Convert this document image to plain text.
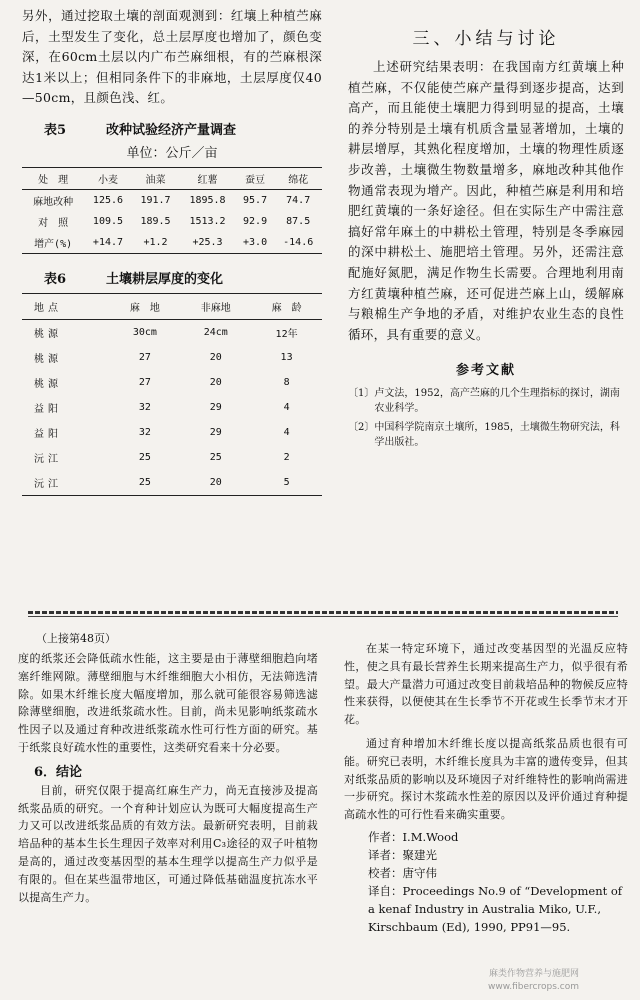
另外，通过挖取土壤的剖面观测到：红壤上种植苎麻后，土型发生了变化，总土层厚度也增加了，颜色变深，在60cm土层以内广布苎麻细根，有的苎麻根深达1米以上；但相同条件下的非麻地，土层厚度仅40—50cm，且颜色浅、红。

表5	改种试验经济产量调查
单位：公斤／亩
处　理	小麦	油菜	红薯	蚕豆	绵花
麻地改种	125.6	191.7	1895.8	95.7	74.7
对　照	109.5	189.5	1513.2	92.9	87.5
增产(%)	+14.7	+1.2	+25.3	+3.0	-14.6
表6	土壤耕层厚度的变化
地点	麻　地	非麻地	麻　龄
桃源	30cm	24cm	12年
桃源	27	20	13
桃源	27	20	8
益阳	32	29	4
益阳	32	29	4
沅江	25	25	2
沅江	25	20	5
三、小结与讨论

上述研究结果表明：在我国南方红黄壤上种植苎麻，不仅能使苎麻产量得到逐步提高，达到高产，而且能使土壤肥力得到明显的提高，土壤的养分特别是土壤有机质含量显著增加，土壤的耕层增厚，其熟化程度增加，土壤的物理性质逐步改善，土壤微生物数量增多，麻地改种其他作物通常表现为增产。因此，种植苎麻是利用和培肥红黄壤的一条好途径。但在实际生产中需注意搞好常年麻土的中耕松土管理，特别是冬季麻园的深中耕松土、施肥培土管理。另外，还需注意配施好氮肥，满足作物生长需要。合理地利用南方红黄壤种植苎麻，还可促进苎麻上山，缓解麻与粮棉生产争地的矛盾，对维护农业生态的良性循环，具有重要的意义。

参考文献
〔1〕 卢文法，1952，高产苎麻的几个生理指标的探讨，湖南农业科学。
〔2〕 中国科学院南京土壤所，1985，土壤微生物研究法，科学出版社。
（上接第48页）

度的纸浆还会降低疏水性能，这主要是由于薄壁细胞趋向堵塞纤维网隙。薄壁细胞与木纤维细胞大小相仿，无法筛选清除。如果木纤维长度大幅度增加，那么就可能很容易筛选滤除薄壁细胞，改进纸浆疏水性。目前，尚未见影响纸浆疏水性因子以及通过育种改进纸浆疏水性可行性方面的研究。基于纸浆良好疏水性的重要性，这类研究看来十分必要。

6．结论

目前，研究仅限于提高红麻生产力，尚无直接涉及提高纸浆品质的研究。一个育种计划应认为既可大幅度提高生产力又可以改进纸浆品质的有效方法。最新研究表明，目前栽培品种的基本生长生理因子效率对利用C₃途径的双子叶植物是高的，通过改变基因型的基本生理学以提高生产力似乎是有限的。但在某些温带地区，可通过降低基础温度抗冻水平以提高生产力。

在某一特定环境下，通过改变基因型的光温反应特性，使之具有最长营养生长期来提高生产力，似乎很有希望。最大产量潜力可通过改变目前栽培品种的物候反应特性来获得，以便使其在生长季节不开花或生长季节末才开花。

通过育种增加木纤维长度以提高纸浆品质也很有可能。研究已表明，木纤维长度具为丰富的遗传变异，但其对纸浆品质的影响以及环境因子对纤维特性的影响尚需进一步研究。探讨木浆疏水性差的原因以及评价通过育种提高疏水性的可行性看来确实重要。

作者：I.M.Wood
译者：聚建光
校者：唐守伟
译自：Proceedings No.9 of “Development of a kenaf Industry in Australia Miko, U.F., Kirschbaum (Ed), 1990, PP91—95.
麻类作物营养与施肥网
www.fibercrops.com
